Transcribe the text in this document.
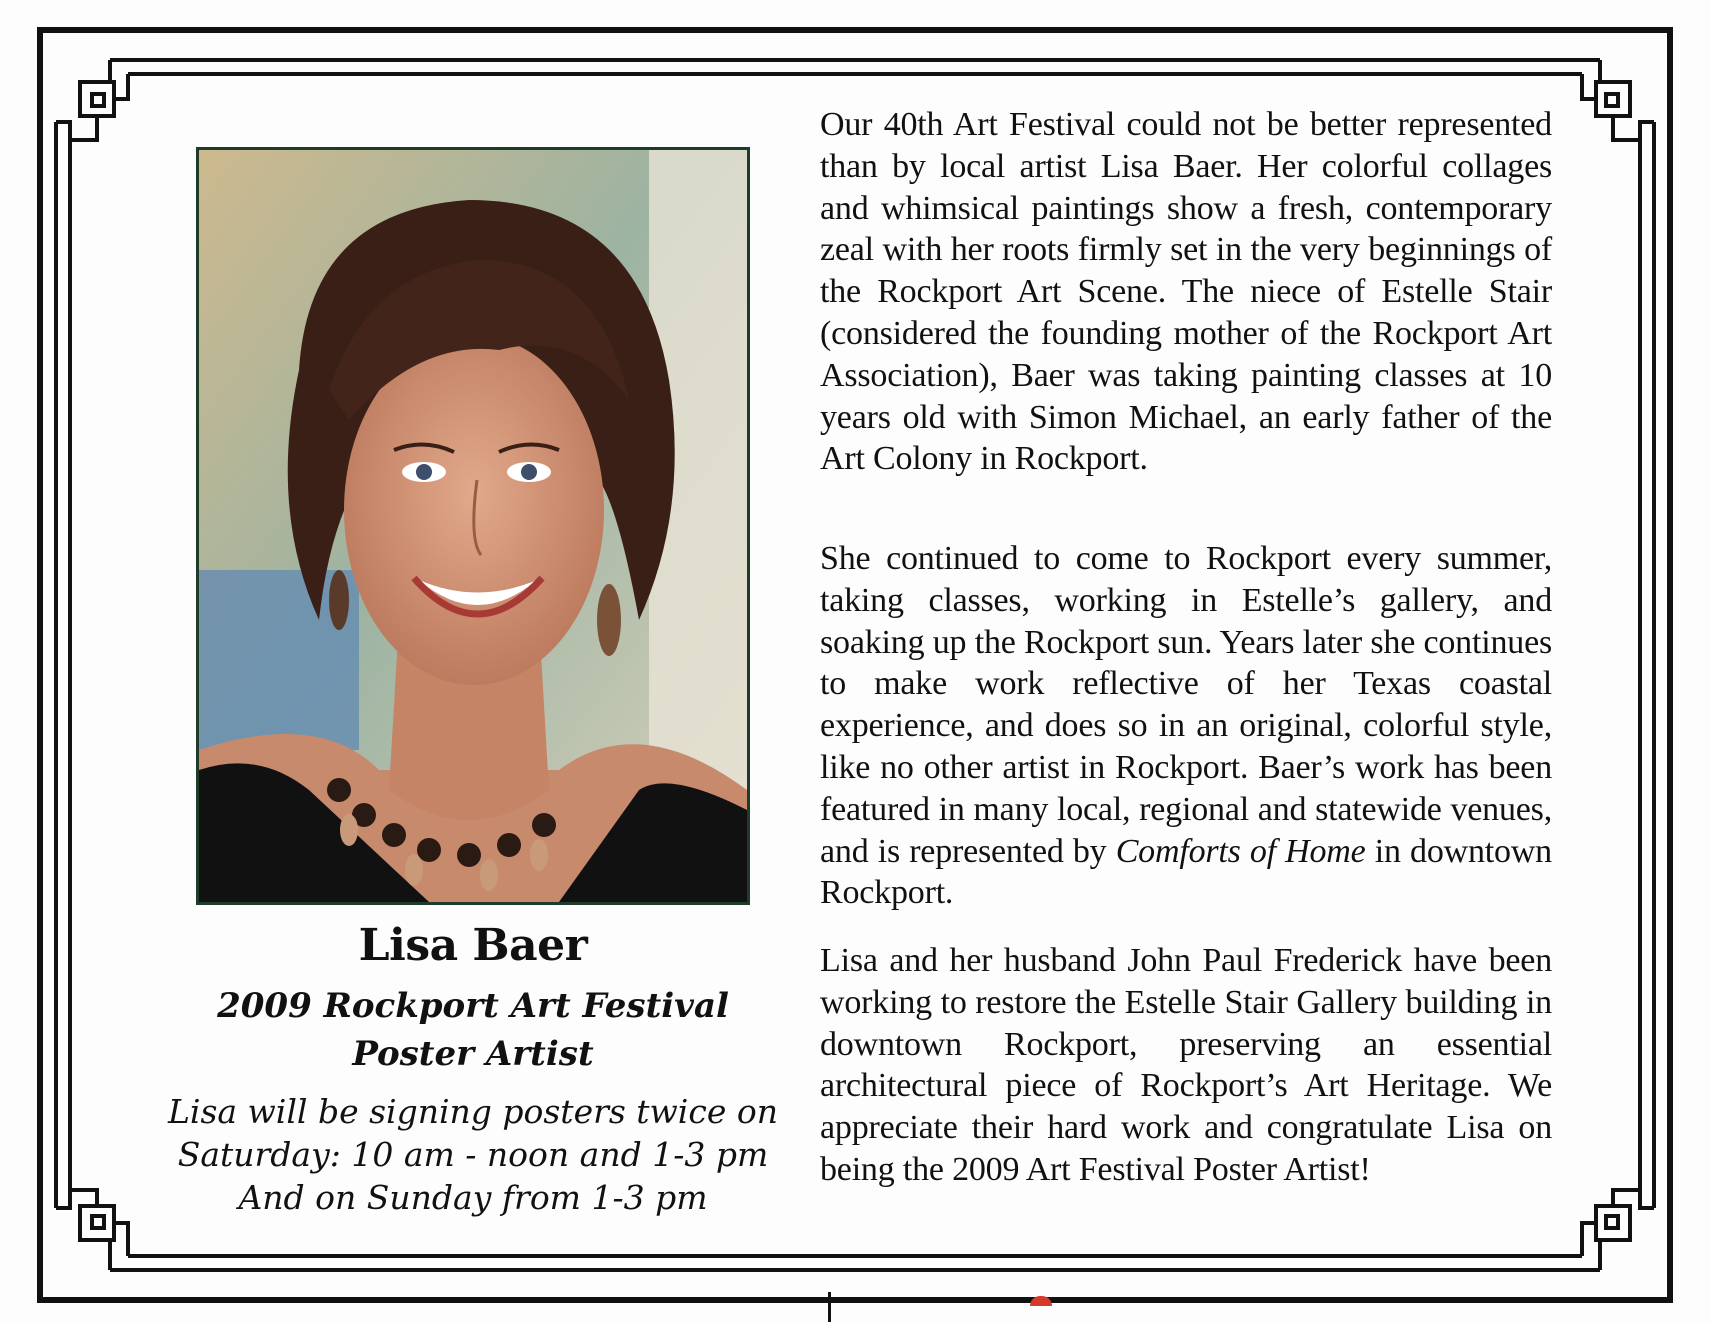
Lisa Baer
2009 Rockport Art Festival
Poster Artist
Lisa will be signing posters twice on
Saturday: 10 am - noon and 1-3 pm
And on Sunday from 1-3 pm
Our 40th Art Festival could not be better represented than by local artist Lisa Baer. Her colorful collages and whimsical paintings show a fresh, contemporary zeal with her roots firmly set in the very beginnings of the Rockport Art Scene. The niece of Estelle Stair (considered the founding mother of the Rockport Art Association), Baer was taking painting classes at 10 years old with Simon Michael, an early father of the Art Colony in Rockport.
She continued to come to Rockport every summer, taking classes, working in Estelle’s gallery, and soaking up the Rockport sun. Years later she continues to make work reflective of her Texas coastal experience, and does so in an original, colorful style, like no other artist in Rockport. Baer’s work has been featured in many local, regional and statewide venues, and is represented by Comforts of Home in downtown Rockport.
Lisa and her husband John Paul Frederick have been working to restore the Estelle Stair Gallery building in downtown Rockport, preserving an essential architectural piece of Rockport’s Art Heritage. We appreciate their hard work and congratulate Lisa on being the 2009 Art Festival Poster Artist!
